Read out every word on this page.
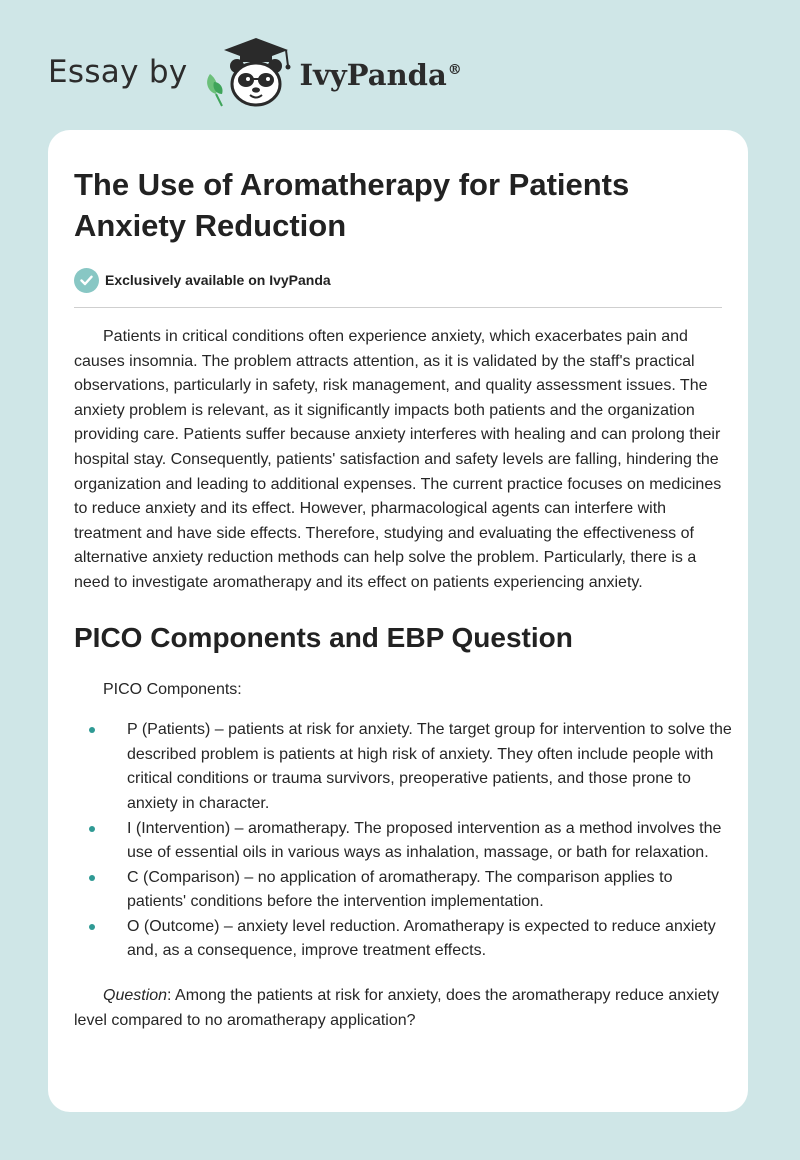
Essay by	IvyPanda®
The Use of Aromatherapy for Patients Anxiety Reduction
Exclusively available on IvyPanda

Patients in critical conditions often experience anxiety, which exacerbates pain and causes insomnia. The problem attracts attention, as it is validated by the staff's practical observations, particularly in safety, risk management, and quality assessment issues. The anxiety problem is relevant, as it significantly impacts both patients and the organization providing care. Patients suffer because anxiety interferes with healing and can prolong their hospital stay. Consequently, patients' satisfaction and safety levels are falling, hindering the organization and leading to additional expenses. The current practice focuses on medicines to reduce anxiety and its effect. However, pharmacological agents can interfere with treatment and have side effects. Therefore, studying and evaluating the effectiveness of alternative anxiety reduction methods can help solve the problem. Particularly, there is a need to investigate aromatherapy and its effect on patients experiencing anxiety.

PICO Components and EBP Question

PICO Components:

P (Patients) – patients at risk for anxiety. The target group for intervention to solve the described problem is patients at high risk of anxiety. They often include people with critical conditions or trauma survivors, preoperative patients, and those prone to anxiety in character.
I (Intervention) – aromatherapy. The proposed intervention as a method involves the use of essential oils in various ways as inhalation, massage, or bath for relaxation.
C (Comparison) – no application of aromatherapy. The comparison applies to patients' conditions before the intervention implementation.
O (Outcome) – anxiety level reduction. Aromatherapy is expected to reduce anxiety and, as a consequence, improve treatment effects.

Question: Among the patients at risk for anxiety, does the aromatherapy reduce anxiety level compared to no aromatherapy application?
